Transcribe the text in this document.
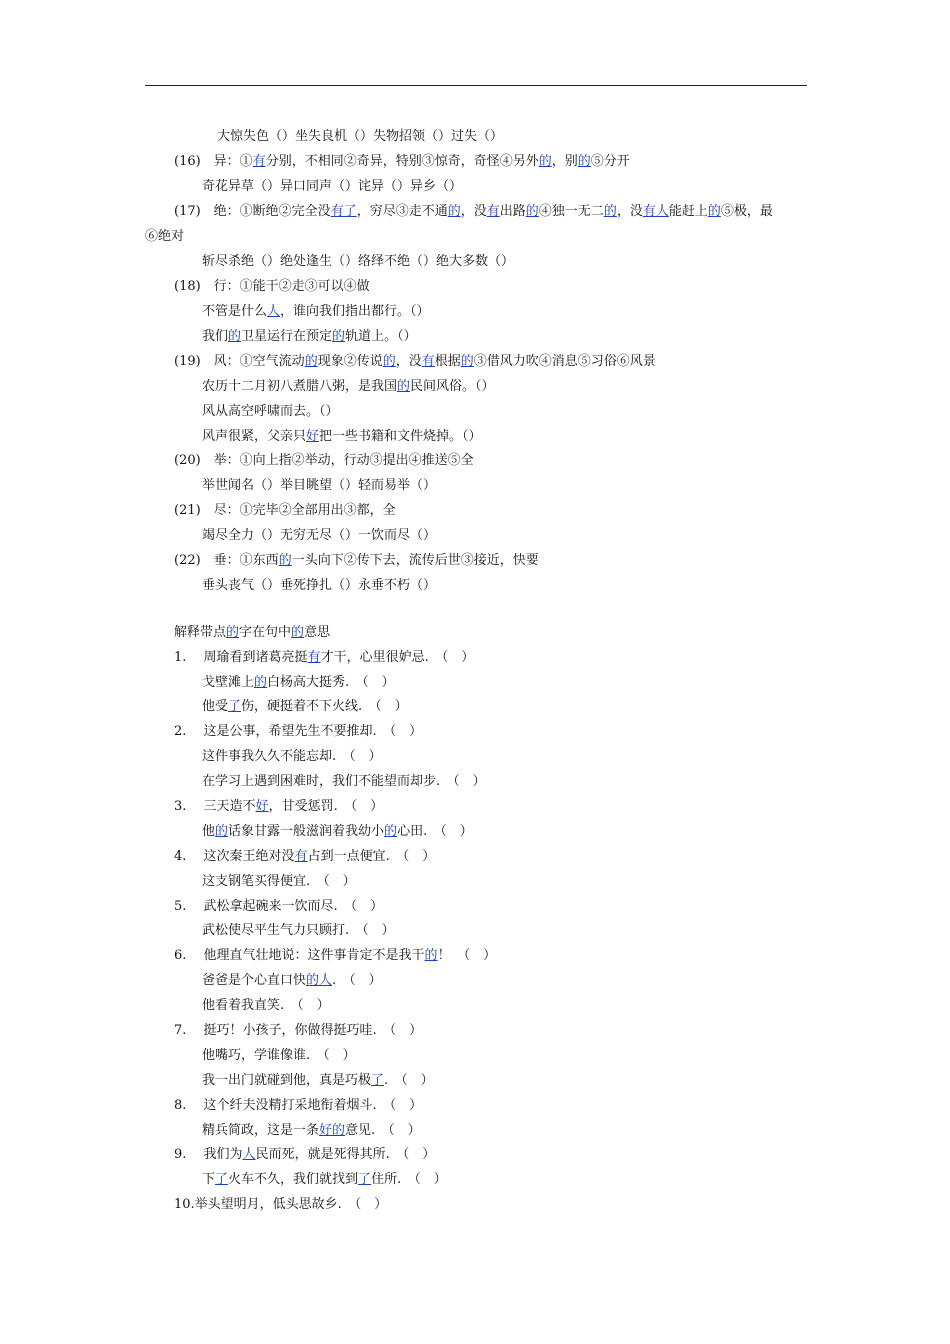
大惊失色（）坐失良机（）失物招领（）过失（）
(16)　异：①有分别，不相同②奇异，特别③惊奇，奇怪④另外的，别的⑤分开
奇花异草（）异口同声（）诧异（）异乡（）
(17)　绝：①断绝②完全没有了，穷尽③走不通的，没有出路的④独一无二的，没有人能赶上的⑤极，最
⑥绝对
斩尽杀绝（）绝处逢生（）络绎不绝（）绝大多数（）
(18)　行：①能干②走③可以④做
不管是什么人，谁向我们指出都行。（）
我们的卫星运行在预定的轨道上。（）
(19)　风：①空气流动的现象②传说的，没有根据的③借风力吹④消息⑤习俗⑥风景
农历十二月初八煮腊八粥，是我国的民间风俗。（）
风从高空呼啸而去。（）
风声很紧，父亲只好把一些书籍和文件烧掉。（）
(20)　举：①向上指②举动，行动③提出④推送⑤全
举世闻名（）举目眺望（）轻而易举（）
(21)　尽：①完毕②全部用出③都，全
竭尽全力（）无穷无尽（）一饮而尽（）
(22)　垂：①东西的一头向下②传下去，流传后世③接近，快要
垂头丧气（）垂死挣扎（）永垂不朽（）
解释带点的字在句中的意思
1.　 周瑜看到诸葛亮挺有才干，心里很妒忌.　（　）
戈壁滩上的白杨高大挺秀.　（　）
他受了伤，硬挺着不下火线.　（　）
2.　 这是公事，希望先生不要推却.　（　）
这件事我久久不能忘却.　（　）
在学习上遇到困难时，我们不能望而却步.　（　）
3.　 三天造不好，甘受惩罚.　（　）
他的话象甘露一般滋润着我幼小的心田.　（　）
4.　 这次秦王绝对没有占到一点便宜.　（　）
这支钢笔买得便宜.　（　）
5.　 武松拿起碗来一饮而尽.　（　）
武松使尽平生气力只顾打.　（　）
6.　 他理直气壮地说：这件事肯定不是我干的！　（　）
爸爸是个心直口快的人.　（　）
他看着我直笑.　（　）
7.　 挺巧！小孩子，你做得挺巧哇.　（　）
他嘴巧，学谁像谁.　（　）
我一出门就碰到他，真是巧极了.　（　）
8.　 这个纤夫没精打采地衔着烟斗.　（　）
精兵简政，这是一条好的意见.　（　）
9.　 我们为人民而死，就是死得其所.　（　）
下了火车不久，我们就找到了住所.　（　）
10.举头望明月，低头思故乡.　（　）
